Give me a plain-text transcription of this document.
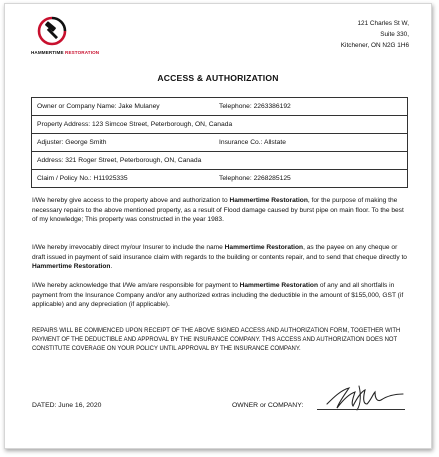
HAMMERTIME RESTORATION
121 Charles St W,
Suite 330,
Kitchener, ON N2G 1H6
ACCESS & AUTHORIZATION
Owner or Company Name: Jake Mulaney	Telephone: 2263386192
Property Address: 123 Simcoe Street, Peterborough, ON, Canada
Adjuster: George Smith	Insurance Co.: Allstate
Address: 321 Roger Street, Peterborough, ON, Canada
Claim / Policy No.: H11925335	Telephone: 2268285125
I/We hereby give access to the property above and authorization to Hammertime Restoration, for the purpose of making the necessary repairs to the above mentioned property, as a result of Flood damage caused by burst pipe on main floor. To the best of my knowledge; This property was constructed in the year 1983.
I/We hereby irrevocably direct my/our Insurer to include the name Hammertime Restoration, as the payee on any cheque or draft issued in payment of said insurance claim with regards to the building or contents repair, and to send that cheque directly to Hammertime Restoration.
I/We hereby acknowledge that I/We am/are responsible for payment to Hammertime Restoration of any and all shortfalls in payment from the Insurance Company and/or any authorized extras including the deductible in the amount of $155,000, GST (if applicable) and any depreciation (if applicable).
REPAIRS WILL BE COMMENCED UPON RECEIPT OF THE ABOVE SIGNED ACCESS AND AUTHORIZATION FORM, TOGETHER WITH PAYMENT OF THE DEDUCTIBLE AND APPROVAL BY THE INSURANCE COMPANY. THIS ACCESS AND AUTHORIZATION DOES NOT CONSTITUTE COVERAGE ON YOUR POLICY UNTIL APPROVAL BY THE INSURANCE COMPANY.
DATED: June 16, 2020	OWNER or COMPANY:
